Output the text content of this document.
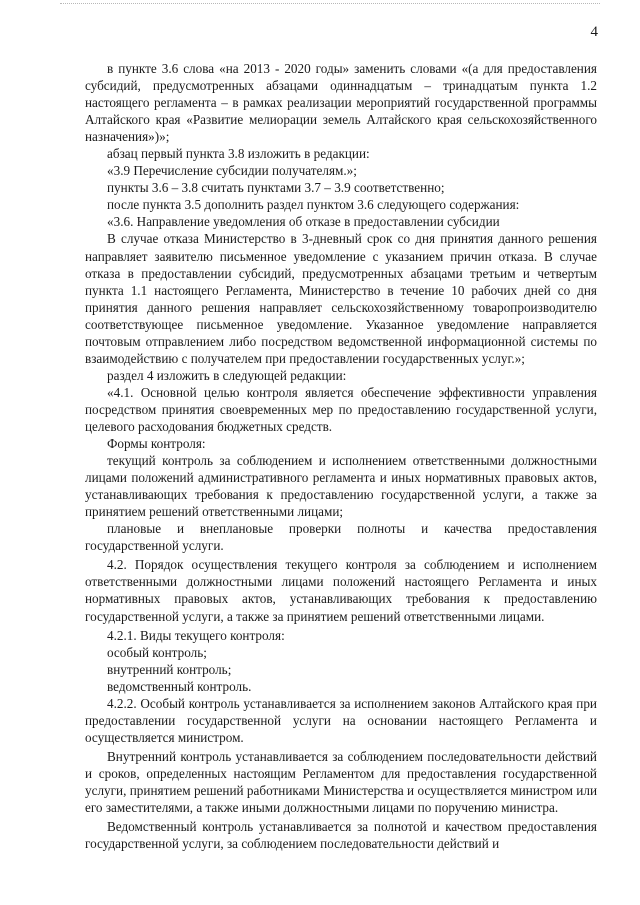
4

в пункте 3.6 слова «на 2013 - 2020 годы» заменить словами «(а для предоставления субсидий, предусмотренных абзацами одиннадцатым – тринадцатым пункта 1.2 настоящего регламента – в рамках реализации мероприятий государственной программы Алтайского края «Развитие мелиорации земель Алтайского края сельскохозяйственного назначения»)»;

абзац первый пункта 3.8 изложить в редакции:

«3.9 Перечисление субсидии получателям.»;

пункты 3.6 – 3.8 считать пунктами 3.7 – 3.9 соответственно;

после пункта 3.5 дополнить раздел пунктом 3.6 следующего содержания:

«3.6. Направление уведомления об отказе в предоставлении субсидии

В случае отказа Министерство в 3-дневный срок со дня принятия данного решения направляет заявителю письменное уведомление с указанием причин отказа. В случае отказа в предоставлении субсидий, предусмотренных абзацами третьим и четвертым пункта 1.1 настоящего Регламента, Министерство в течение 10 рабочих дней со дня принятия данного решения направляет сельскохозяйственному товаропроизводителю соответствующее письменное уведомление. Указанное уведомление направляется почтовым отправлением либо посредством ведомственной информационной системы по взаимодействию с получателем при предоставлении государственных услуг.»;

раздел 4 изложить в следующей редакции:

«4.1. Основной целью контроля является обеспечение эффективности управления посредством принятия своевременных мер по предоставлению государственной услуги, целевого расходования бюджетных средств.

Формы контроля:

текущий контроль за соблюдением и исполнением ответственными должностными лицами положений административного регламента и иных нормативных правовых актов, устанавливающих требования к предоставлению государственной услуги, а также за принятием решений ответственными лицами;

плановые и внеплановые проверки полноты и качества предоставления государственной услуги.

4.2. Порядок осуществления текущего контроля за соблюдением и исполнением ответственными должностными лицами положений настоящего Регламента и иных нормативных правовых актов, устанавливающих требования к предоставлению государственной услуги, а также за принятием решений ответственными лицами.

4.2.1. Виды текущего контроля:

особый контроль;

внутренний контроль;

ведомственный контроль.

4.2.2. Особый контроль устанавливается за исполнением законов Алтайского края при предоставлении государственной услуги на основании настоящего Регламента и осуществляется министром.

Внутренний контроль устанавливается за соблюдением последовательности действий и сроков, определенных настоящим Регламентом для предоставления государственной услуги, принятием решений работниками Министерства и осуществляется министром или его заместителями, а также иными должностными лицами по поручению министра.

Ведомственный контроль устанавливается за полнотой и качеством предоставления государственной услуги, за соблюдением последовательности действий и
